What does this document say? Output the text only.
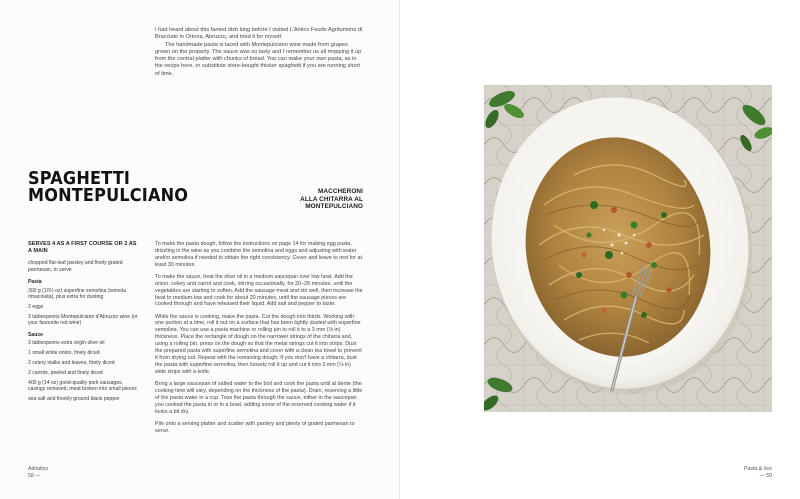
I had heard about this famed dish long before I visited L'Antico Feudo Agriturismo di Bracciale in Ortona, Abruzzo, and tried it for myself.

The handmade pasta is laced with Montepulciano wine made from grapes grown on the property. The sauce was so tasty and I remember us all mopping it up from the central platter with chunks of bread. You can make your own pasta, as in the recipe here, or substitute store-bought thicker spaghetti if you are running short of time.

SPAGHETTI
MONTEPULCIANO	MACCHERONI
ALLA CHITARRA AL
MONTEPULCIANO
SERVES 4 AS A FIRST COURSE OR 2 AS A MAIN
chopped flat-leaf parsley and finely grated parmesan, to serve
Pasta
300 g (10½ oz) superfine semolina (semola rimacinata), plus extra for dusting
2 eggs
3 tablespoons Montepulciano d'Abruzzo wine (or your favourite red wine)
Sauce
3 tablespoons extra virgin olive oil
1 small white onion, finely diced
2 celery stalks and leaves, finely diced
2 carrots, peeled and finely diced
400 g (14 oz) good-quality pork sausages, casings removed, meat broken into small pieces
sea salt and freshly ground black pepper

To make the pasta dough, follow the instructions on page 14 for making egg pasta, drizzling in the wine as you combine the semolina and eggs and adjusting with water and/or semolina if needed to obtain the right consistency. Cover and leave to rest for at least 30 minutes.

To make the sauce, heat the olive oil in a medium saucepan over low heat. Add the onion, celery and carrot and cook, stirring occasionally, for 20–25 minutes, until the vegetables are starting to soften. Add the sausage meat and stir well, then increase the heat to medium-low and cook for about 20 minutes, until the sausage pieces are cooked through and have released their liquid. Add salt and pepper to taste.

While the sauce is cooking, make the pasta. Cut the dough into thirds. Working with one portion at a time, roll it out on a surface that has been lightly dusted with superfine semolina. You can use a pasta machine or rolling pin to roll it to a 3 mm (⅛ in) thickness. Place the rectangle of dough on the narrower strings of the chitarra and, using a rolling pin, press on the dough so that the metal strings cut it into strips. Dust the prepared pasta with superfine semolina and cover with a clean tea towel to prevent it from drying out. Repeat with the remaining dough. If you don't have a chitarra, dust the pasta with superfine semolina, then loosely roll it up and cut it into 3 mm (⅛ in) wide strips with a knife.

Bring a large saucepan of salted water to the boil and cook the pasta until al dente (the cooking time will vary, depending on the thickness of the pasta). Drain, reserving a little of the pasta water in a cup. Toss the pasta through the sauce, either in the saucepan you cooked the pasta in or in a bowl, adding some of the reserved cooking water if it looks a bit dry.

Pile onto a serving platter and scatter with parsley and plenty of grated parmesan to serve.

Adriatico
58 —
Pasta & rice
— 59
